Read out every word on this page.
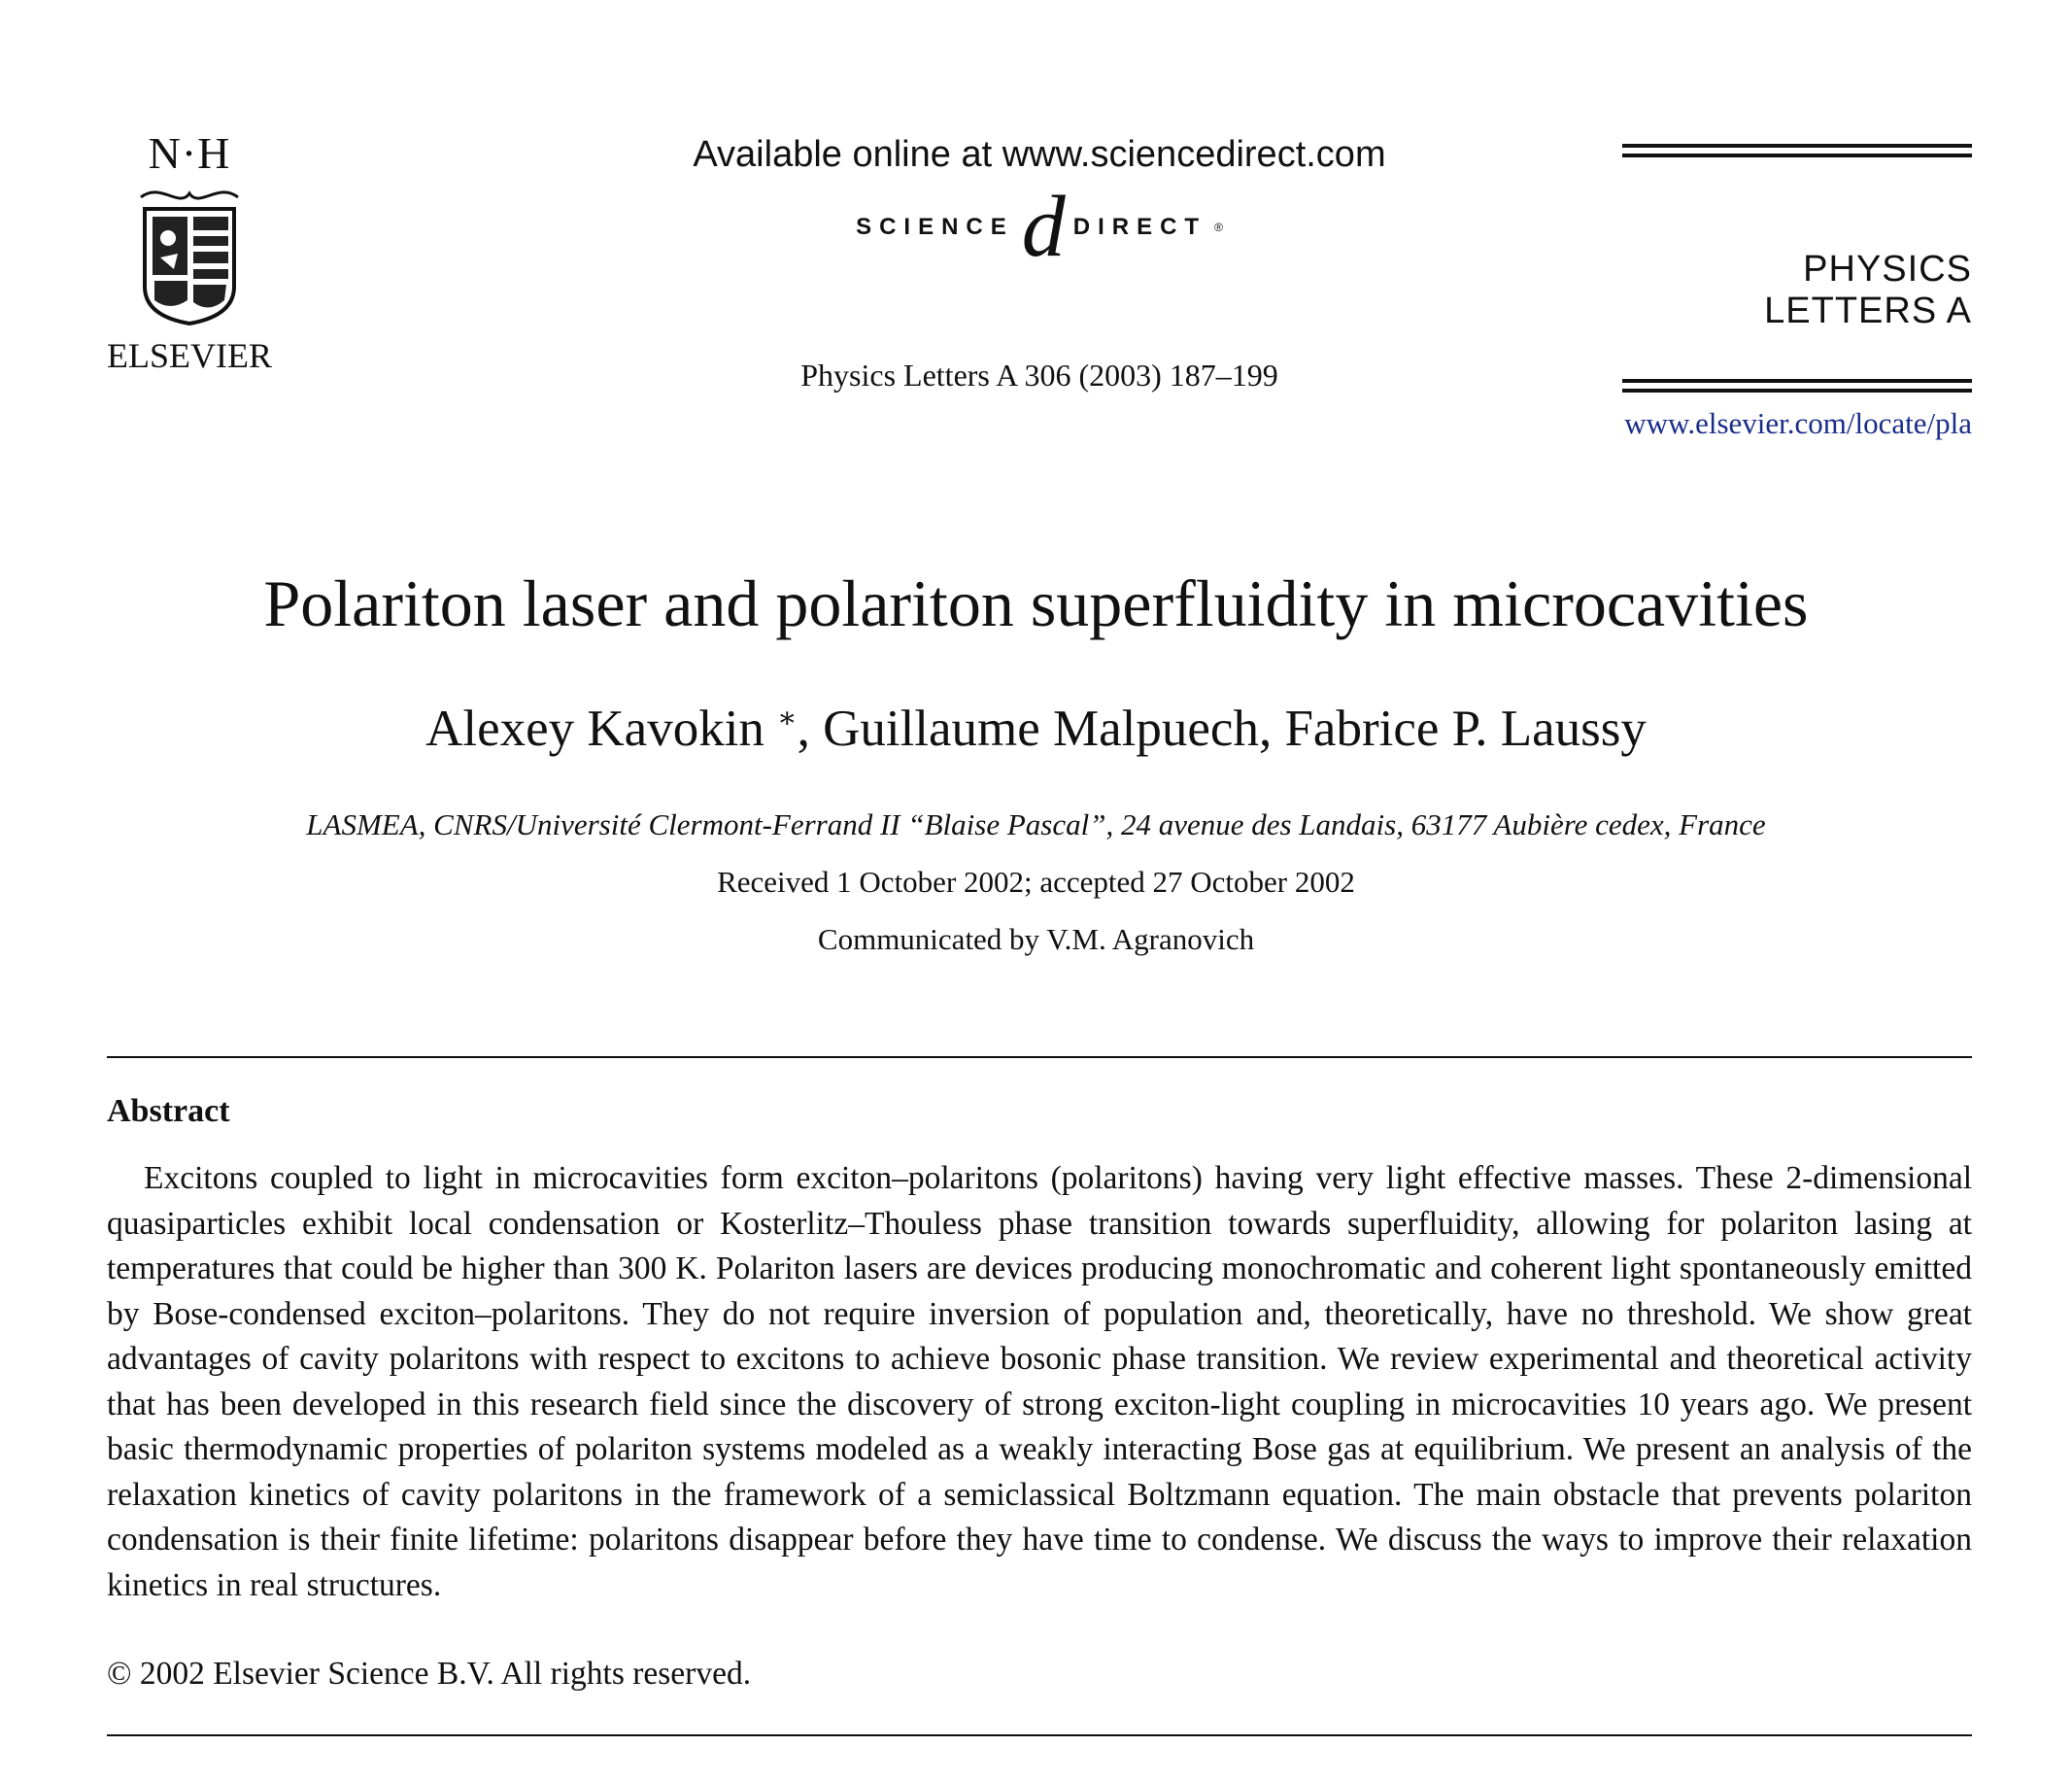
N·H
ELSEVIER
Available online at www.sciencedirect.com
SCIENCE d DIRECT ®
Physics Letters A 306 (2003) 187–199
PHYSICS LETTERS A
www.elsevier.com/locate/pla
Polariton laser and polariton superfluidity in microcavities
Alexey Kavokin ∗, Guillaume Malpuech, Fabrice P. Laussy
LASMEA, CNRS/Université Clermont-Ferrand II “Blaise Pascal”, 24 avenue des Landais, 63177 Aubière cedex, France
Received 1 October 2002; accepted 27 October 2002
Communicated by V.M. Agranovich
Abstract
Excitons coupled to light in microcavities form exciton–polaritons (polaritons) having very light effective masses. These 2-dimensional quasiparticles exhibit local condensation or Kosterlitz–Thouless phase transition towards superfluidity, allowing for polariton lasing at temperatures that could be higher than 300 K. Polariton lasers are devices producing monochromatic and coherent light spontaneously emitted by Bose-condensed exciton–polaritons. They do not require inversion of population and, theoretically, have no threshold. We show great advantages of cavity polaritons with respect to excitons to achieve bosonic phase transition. We review experimental and theoretical activity that has been developed in this research field since the discovery of strong exciton-light coupling in microcavities 10 years ago. We present basic thermodynamic properties of polariton systems modeled as a weakly interacting Bose gas at equilibrium. We present an analysis of the relaxation kinetics of cavity polaritons in the framework of a semiclassical Boltzmann equation. The main obstacle that prevents polariton condensation is their finite lifetime: polaritons disappear before they have time to condense. We discuss the ways to improve their relaxation kinetics in real structures.
© 2002 Elsevier Science B.V. All rights reserved.
